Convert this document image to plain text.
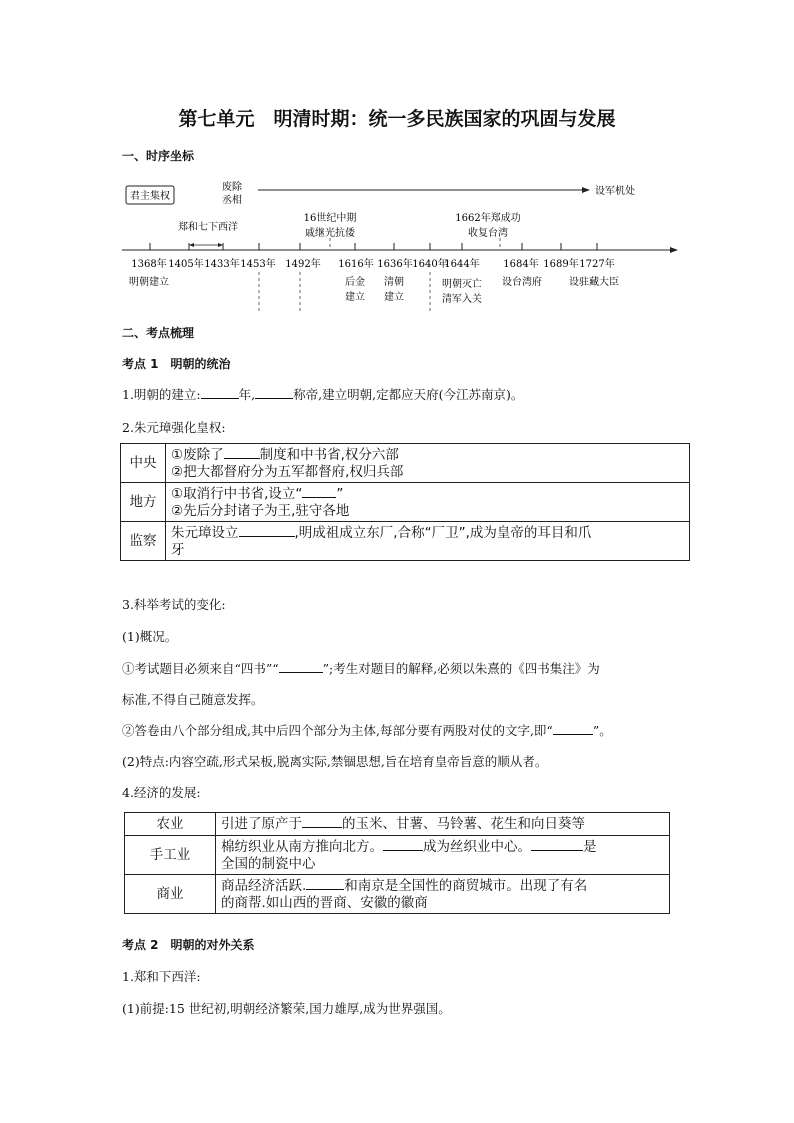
第七单元　明清时期：统一多民族国家的巩固与发展
一、时序坐标
君主集权
废除
丞相
设军机处
郑和七下西洋
16世纪中期
戚继光抗倭
1662年郑成功
收复台湾
1368年 1405年 1433年 1453年 1492年 1616年 1636年 1640年
1644年 1684年 1689年 1727年
明朝建立	后金
建立
清朝
建立
明朝灭亡
清军入关
设台湾府	设驻藏大臣
二、考点梳理
考点 1　明朝的统治
1.明朝的建立:	年,	称帝,建立明朝,定都应天府(今江苏南京)。
2.朱元璋强化皇权:
中央	①废除了 制度和中书省,权分六部
②把大都督府分为五军都督府,权归兵部

地方	①取消行中书省,设立“ ”
②先后分封诸子为王,驻守各地

监察	朱元璋设立 ,明成祖成立东厂,合称“厂卫”,成为皇帝的耳目和爪
牙
3.科举考试的变化:
(1)概况。
①考试题目必须来自“四书”“	”;考生对题目的解释,必须以朱熹的《四书集注》为
标准,不得自己随意发挥。
②答卷由八个部分组成,其中后四个部分为主体,每部分要有两股对仗的文字,即“	”。
(2)特点:内容空疏,形式呆板,脱离实际,禁锢思想,旨在培育皇帝旨意的顺从者。
4.经济的发展:
农业	引进了原产于 的玉米、甘薯、马铃薯、花生和向日葵等
手工业	棉纺织业从南方推向北方。 成为丝织业中心。 是
全国的制瓷中心

商业	商品经济活跃. 和南京是全国性的商贸城市。出现了有名
的商帮.如山西的晋商、安徽的徽商
考点 2　明朝的对外关系
1.郑和下西洋:
(1)前提:15 世纪初,明朝经济繁荣,国力雄厚,成为世界强国。
